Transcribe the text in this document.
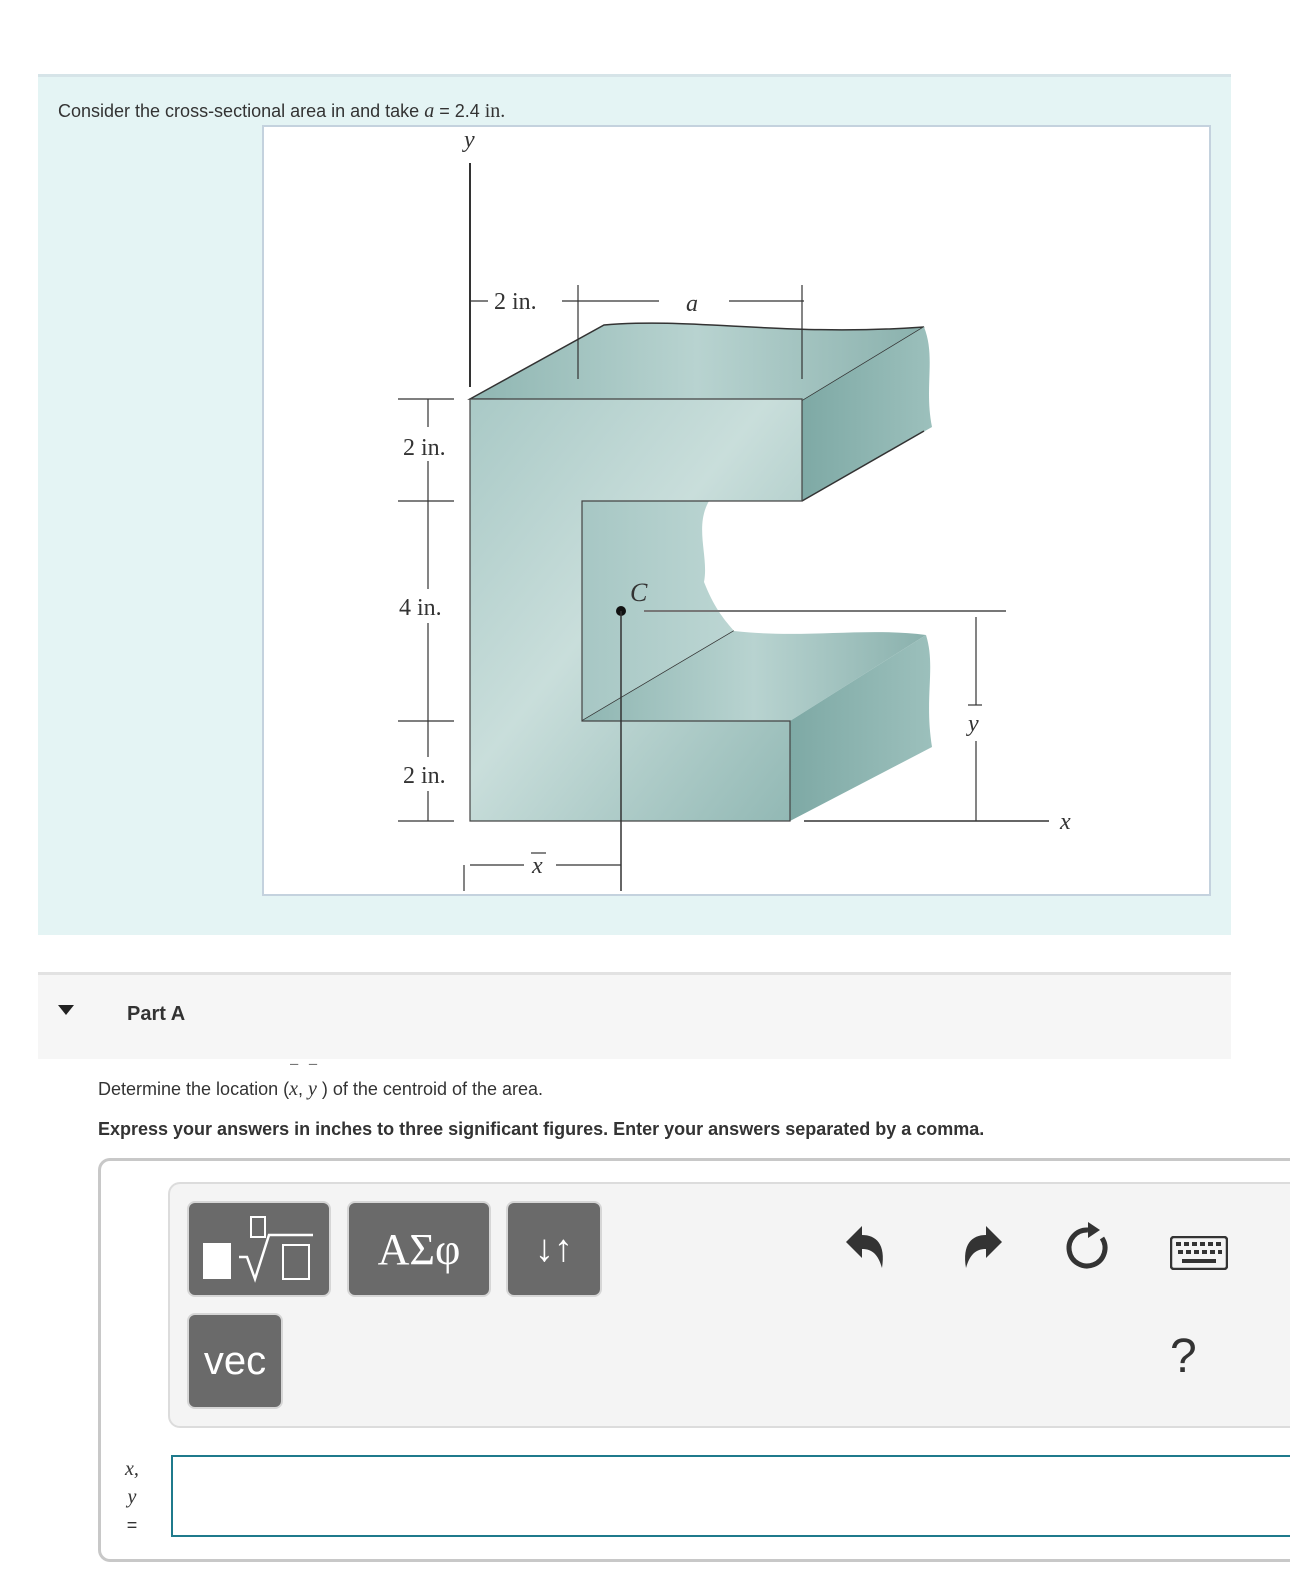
Consider the cross-sectional area in and take a = 2.4 in.
y
2 in.	a
2 in.
4 in.
2 in.
C
x
y
x
Part A
Determine the location (¯ x, ¯ y ) of the centroid of the area.
Express your answers in inches to three significant figures. Enter your answers separated by a comma.
ΑΣφ	↓↑
vec	?
x,
y
=
